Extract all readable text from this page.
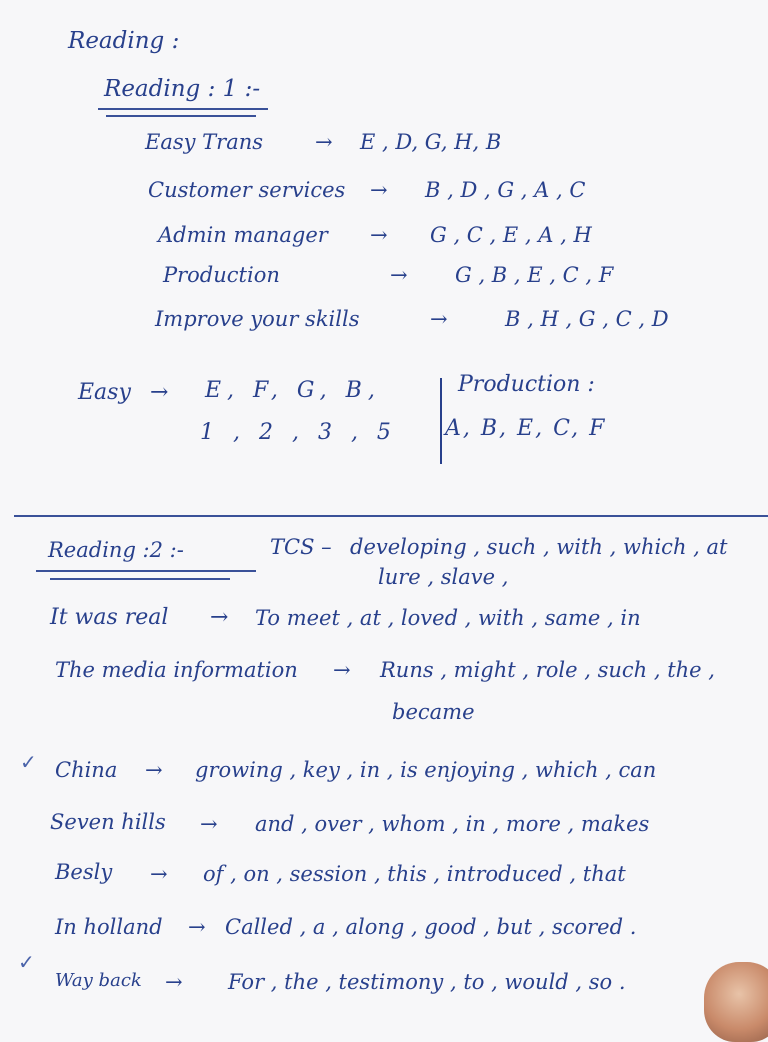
Reading :
Reading : 1 :-
Easy Trans → E , D, G, H, B
Customer services → B , D , G , A , C
Admin manager → G , C , E , A , H
Production	→ G , B , E , C , F
Improve your skills	→	B , H , G , C , D
Easy → E, F, G, B,
1 , 2 , 3 , 5
Production :
A, B, E, C, F
Reading :2 :-	TCS – developing , such , with , which , at
lure , slave ,
It was real → To meet , at , loved , with , same , in
The media information → Runs , might , role , such , the ,
became
✓ China → growing , key , in , is enjoying , which , can
Seven hills → and , over , whom , in , more , makes
Besly → of , on , session , this , introduced , that
In holland → Called , a , along , good , but , scored .
✓
Way back → For , the , testimony , to , would , so .
